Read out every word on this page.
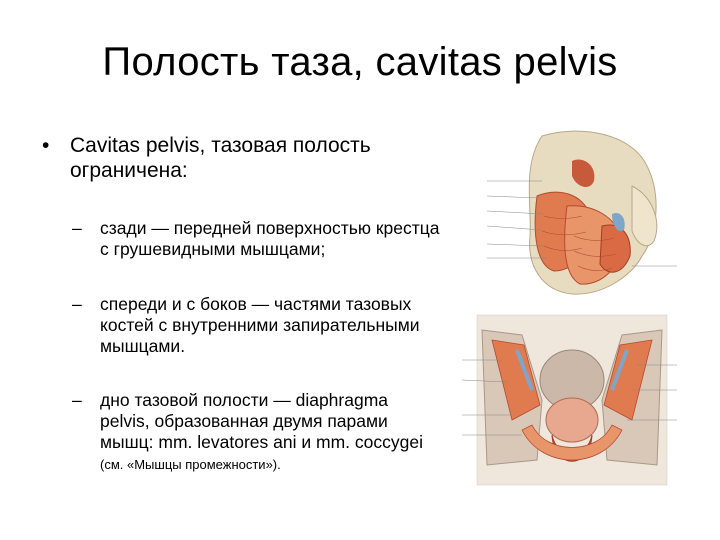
Полость таза, cavitas pelvis
• Cavitas pelvis, тазовая полость ограничена:
– сзади — передней поверхностью крестца с грушевидными мышцами;
– спереди и с боков — частями тазовых костей с внутренними запирательными мышцами.
– дно тазовой полости — diaphragma pelvis, образованная двумя парами мышц: mm. levatores ani и mm. coccygei (см. «Мышцы промежности»).
